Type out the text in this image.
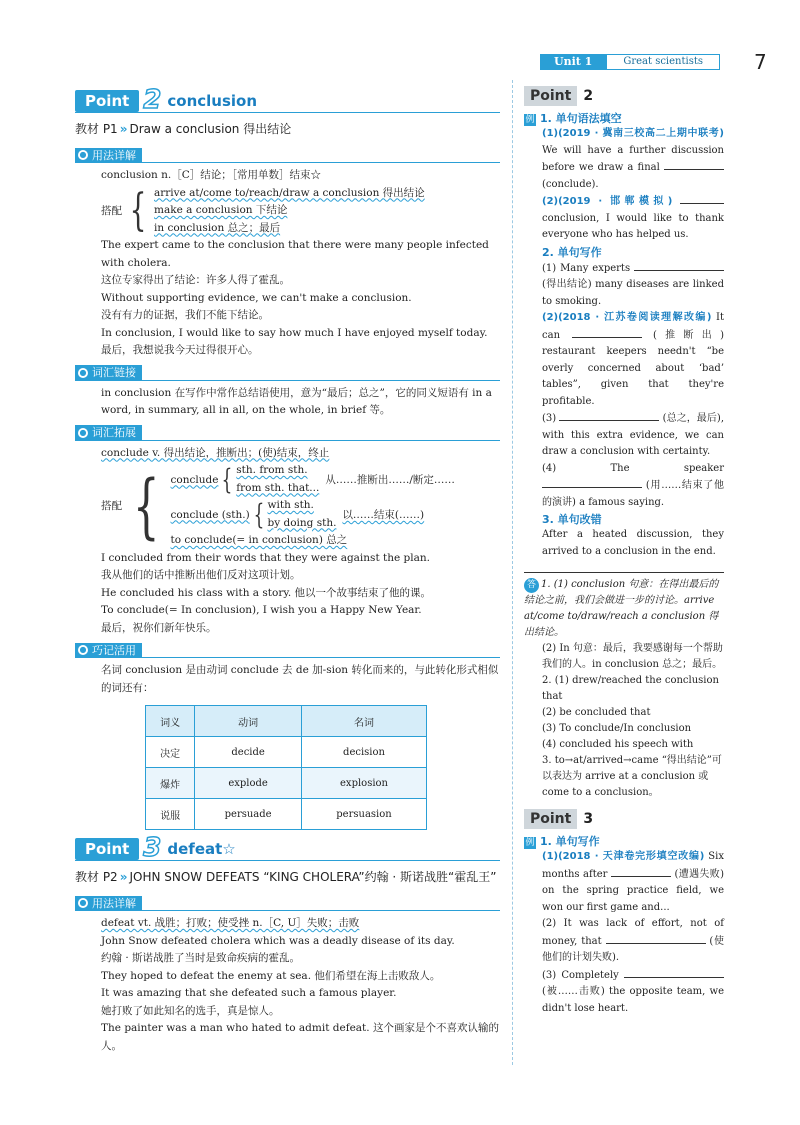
Unit 1	Great scientists	7
Point 2 conclusion
教材 P1 » Draw a conclusion 得出结论
● 用法详解
conclusion n.［C］结论；［常用单数］结束☆
搭配 { arrive at/come to/reach/draw a conclusion 得出结论
make a conclusion 下结论
in conclusion 总之；最后
The expert came to the conclusion that there were many people infected with cholera.
这位专家得出了结论：许多人得了霍乱。
Without supporting evidence, we can't make a conclusion.
没有有力的证据，我们不能下结论。
In conclusion, I would like to say how much I have enjoyed myself today.
最后，我想说我今天过得很开心。
● 词汇链接
in conclusion 在写作中常作总结语使用，意为“最后；总之”，它的同义短语有 in a word, in summary, all in all, on the whole, in brief 等。
● 词汇拓展
conclude v. 得出结论，推断出；(使)结束，终止
搭配 { conclude { sth. from sth.
from sth. that...
从……推断出……/断定……
conclude (sth.) { with sth.
by doing sth.
以……结束(……)
to conclude(= in conclusion) 总之
I concluded from their words that they were against the plan.
我从他们的话中推断出他们反对这项计划。
He concluded his class with a story. 他以一个故事结束了他的课。
To conclude(= In conclusion), I wish you a Happy New Year.
最后，祝你们新年快乐。
● 巧记活用
名词 conclusion 是由动词 conclude 去 de 加-sion 转化而来的，与此转化形式相似的词还有：
词义	动词	名词
决定	decide	decision
爆炸	explode	explosion
说服	persuade	persuasion
Point 3 defeat☆
教材 P2 » JOHN SNOW DEFEATS “KING CHOLERA”约翰 · 斯诺战胜“霍乱王”
● 用法详解
defeat vt. 战胜；打败；使受挫 n.［C, U］失败；击败
John Snow defeated cholera which was a deadly disease of its day.
约翰 · 斯诺战胜了当时是致命疾病的霍乱。
They hoped to defeat the enemy at sea. 他们希望在海上击败敌人。
It was amazing that she defeated such a famous player.
她打败了如此知名的选手，真是惊人。
The painter was a man who hated to admit defeat. 这个画家是个不喜欢认输的人。
Point 2
例 1. 单句语法填空
(1)(2019 · 冀南三校高二上期中联考) We will have a further discussion before we draw a final  (conclude).
(2)(2019 · 邯郸模拟)  conclusion, I would like to thank everyone who has helped us.
2. 单句写作
(1) Many experts  (得出结论) many diseases are linked to smoking.
(2)(2018 · 江苏卷阅读理解改编) It can	(推断出) restaurant keepers needn't “be overly concerned about ‘bad’ tables”, given that they're profitable.
(3)	(总之，最后), with this extra evidence, we can draw a conclusion with certainty.
(4) The speaker  (用……结束了他的演讲) a famous saying.
3. 单句改错
After a heated discussion, they arrived to a conclusion in the end.
答 1. (1) conclusion 句意：在得出最后的结论之前，我们会做进一步的讨论。arrive at/come to/draw/reach a conclusion 得出结论。
(2) In 句意：最后，我要感谢每一个帮助我们的人。in conclusion 总之；最后。
2. (1) drew/reached the conclusion that
(2) be concluded that
(3) To conclude/In conclusion
(4) concluded his speech with
3. to→at/arrived→came “得出结论”可以表达为 arrive at a conclusion 或 come to a conclusion。
Point 3
例 1. 单句写作
(1)(2018 · 天津卷完形填空改编) Six months after	(遭遇失败) on the spring practice field, we won our first game and...
(2) It was lack of effort, not of money, that	(使他们的计划失败).
(3) Completely  (被……击败) the opposite team, we didn't lose heart.
